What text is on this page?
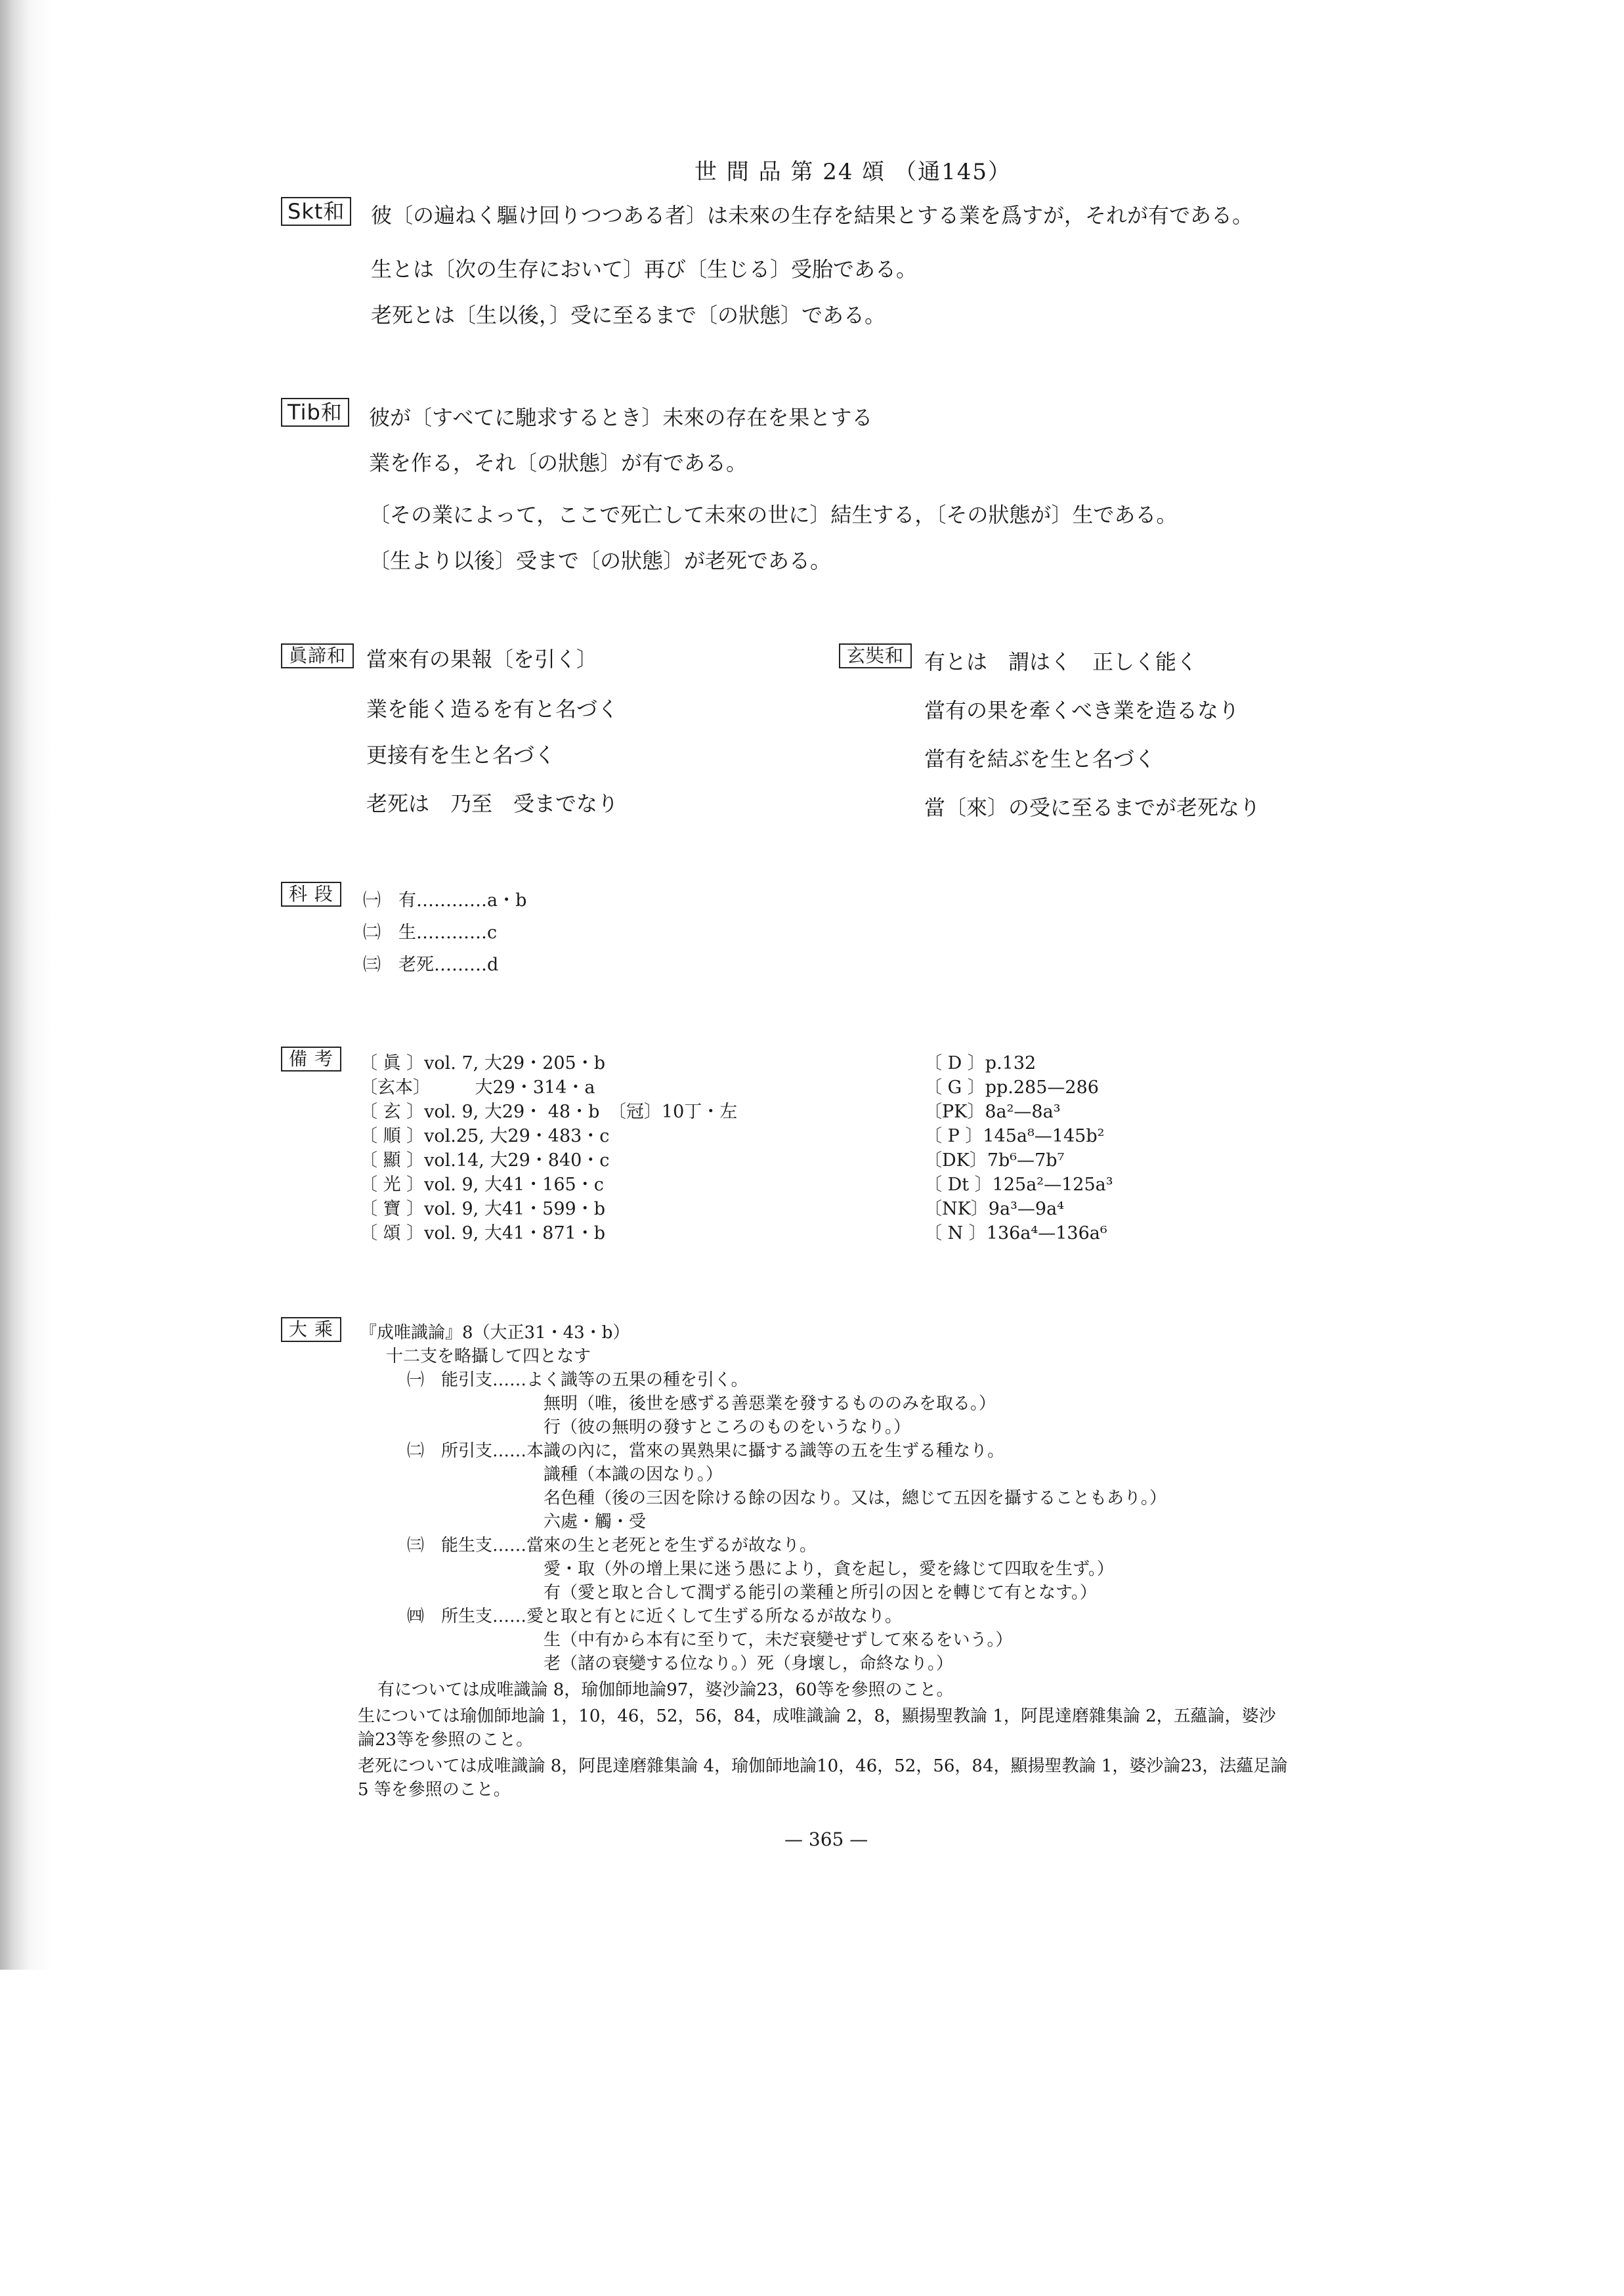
世 間 品 第 24 頌 （通145）
Skt和	彼〔の遍ねく驅け回りつつある者〕は未來の生存を結果とする業を爲すが，それが有である。
生とは〔次の生存において〕再び〔生じる〕受胎である。
老死とは〔生以後，〕受に至るまで〔の狀態〕である。
Tib和	彼が〔すべてに馳求するとき〕未來の存在を果とする
業を作る，それ〔の狀態〕が有である。
〔その業によって，ここで死亡して未來の世に〕結生する，〔その狀態が〕生である。
〔生より以後〕受まで〔の狀態〕が老死である。
眞諦和 當來有の果報〔を引く〕
業を能く造るを有と名づく
更接有を生と名づく
老死は　乃至　受までなり
玄奘和 有とは　謂はく　正しく能く
當有の果を牽くべき業を造るなり
當有を結ぶを生と名づく
當〔來〕の受に至るまでが老死なり
科 段	㈠　有…………a・b
㈡　生…………c
㈢　老死………d
備 考	〔 眞 〕vol. 7, 大29・205・b
〔玄本〕　　　大29・314・a
〔 玄 〕vol. 9, 大29・ 48・b　〔冠〕10丁・左
〔 順 〕vol.25, 大29・483・c
〔 顯 〕vol.14, 大29・840・c
〔 光 〕vol. 9, 大41・165・c
〔 寶 〕vol. 9, 大41・599・b
〔 頌 〕vol. 9, 大41・871・b
〔 D 〕p.132
〔 G 〕pp.285—286
〔PK〕8a²—8a³
〔 P 〕145a⁸—145b²
〔DK〕7b⁶—7b⁷
〔 Dt 〕125a²—125a³
〔NK〕9a³—9a⁴
〔 N 〕136a⁴—136a⁶
大 乘	『成唯識論』8（大正31・43・b）
十二支を略攝して四となす
㈠　能引支……よく識等の五果の種を引く。
無明（唯，後世を感ずる善惡業を發するもののみを取る。）
行（彼の無明の發すところのものをいうなり。）
㈡　所引支……本識の內に，當來の異熟果に攝する識等の五を生ずる種なり。
識種（本識の因なり。）
名色種（後の三因を除ける餘の因なり。又は，總じて五因を攝することもあり。）
六處・觸・受
㈢　能生支……當來の生と老死とを生ずるが故なり。
愛・取（外の增上果に迷う愚により，貪を起し，愛を緣じて四取を生ず。）
有（愛と取と合して潤ずる能引の業種と所引の因とを轉じて有となす。）
㈣　所生支……愛と取と有とに近くして生ずる所なるが故なり。
生（中有から本有に至りて，未だ衰變せずして來るをいう。）
老（諸の衰變する位なり。）死（身壞し，命終なり。）
有については成唯識論 8，瑜伽師地論97，婆沙論23，60等を參照のこと。
生については瑜伽師地論 1，10，46，52，56，84，成唯識論 2，8，顯揚聖教論 1，阿毘達磨雜集論 2，五蘊論，婆沙
論23等を參照のこと。
老死については成唯識論 8，阿毘達磨雜集論 4，瑜伽師地論10，46，52，56，84，顯揚聖教論 1，婆沙論23，法蘊足論
5 等を參照のこと。
— 365 —
